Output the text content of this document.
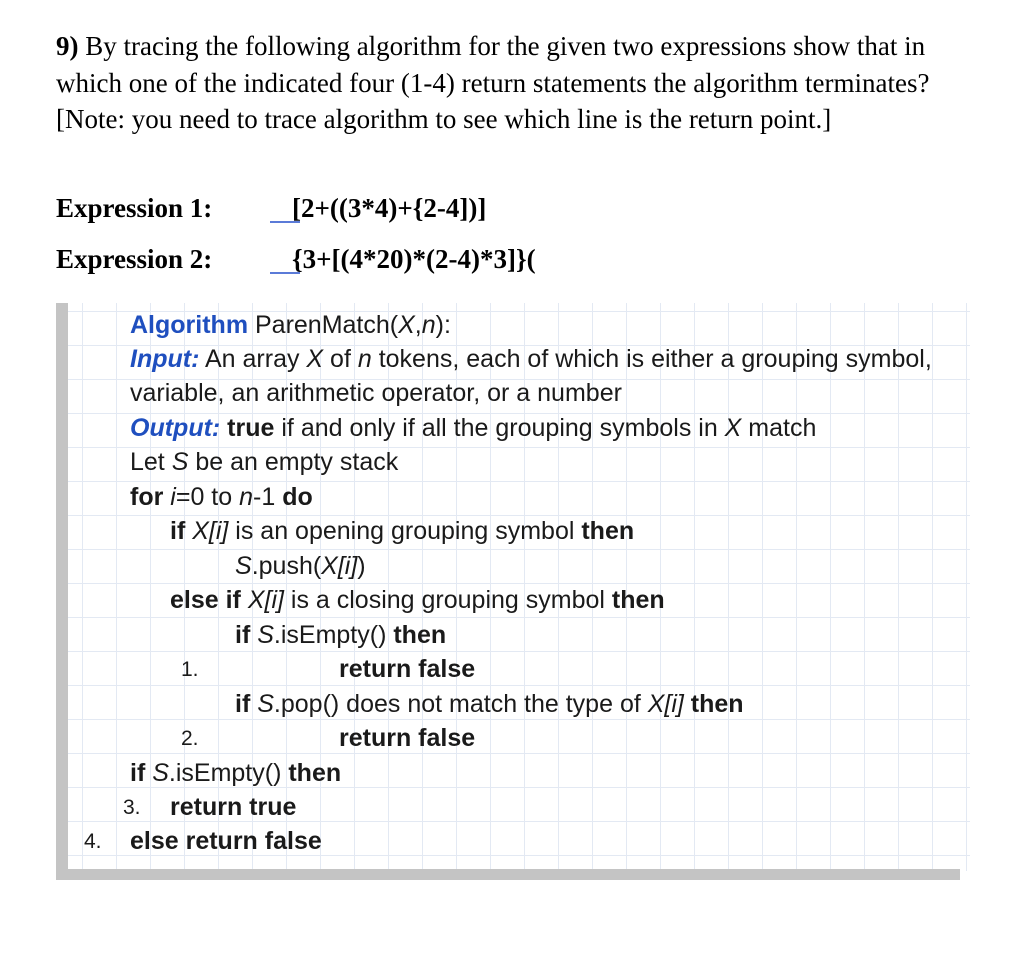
9) By tracing the following algorithm for the given two expressions show that in which one of the indicated four (1-4) return statements the algorithm terminates? [Note: you need to trace algorithm to see which line is the return point.]

Expression 1:	[2+((3*4)+{2-4])]
Expression 2:	{3+[(4*20)*(2-4)*3]}(
Algorithm ParenMatch(X,n):
Input: An array X of n tokens, each of which is either a grouping symbol,
variable, an arithmetic operator, or a number
Output: true if and only if all the grouping symbols in X match
Let S be an empty stack
for i=0 to n-1 do
if X[i] is an opening grouping symbol then
S.push(X[i])
else if X[i] is a closing grouping symbol then
if S.isEmpty() then
1.	return false
if S.pop() does not match the type of X[i] then
2.	return false
if S.isEmpty() then
3. return true
4. else return false
